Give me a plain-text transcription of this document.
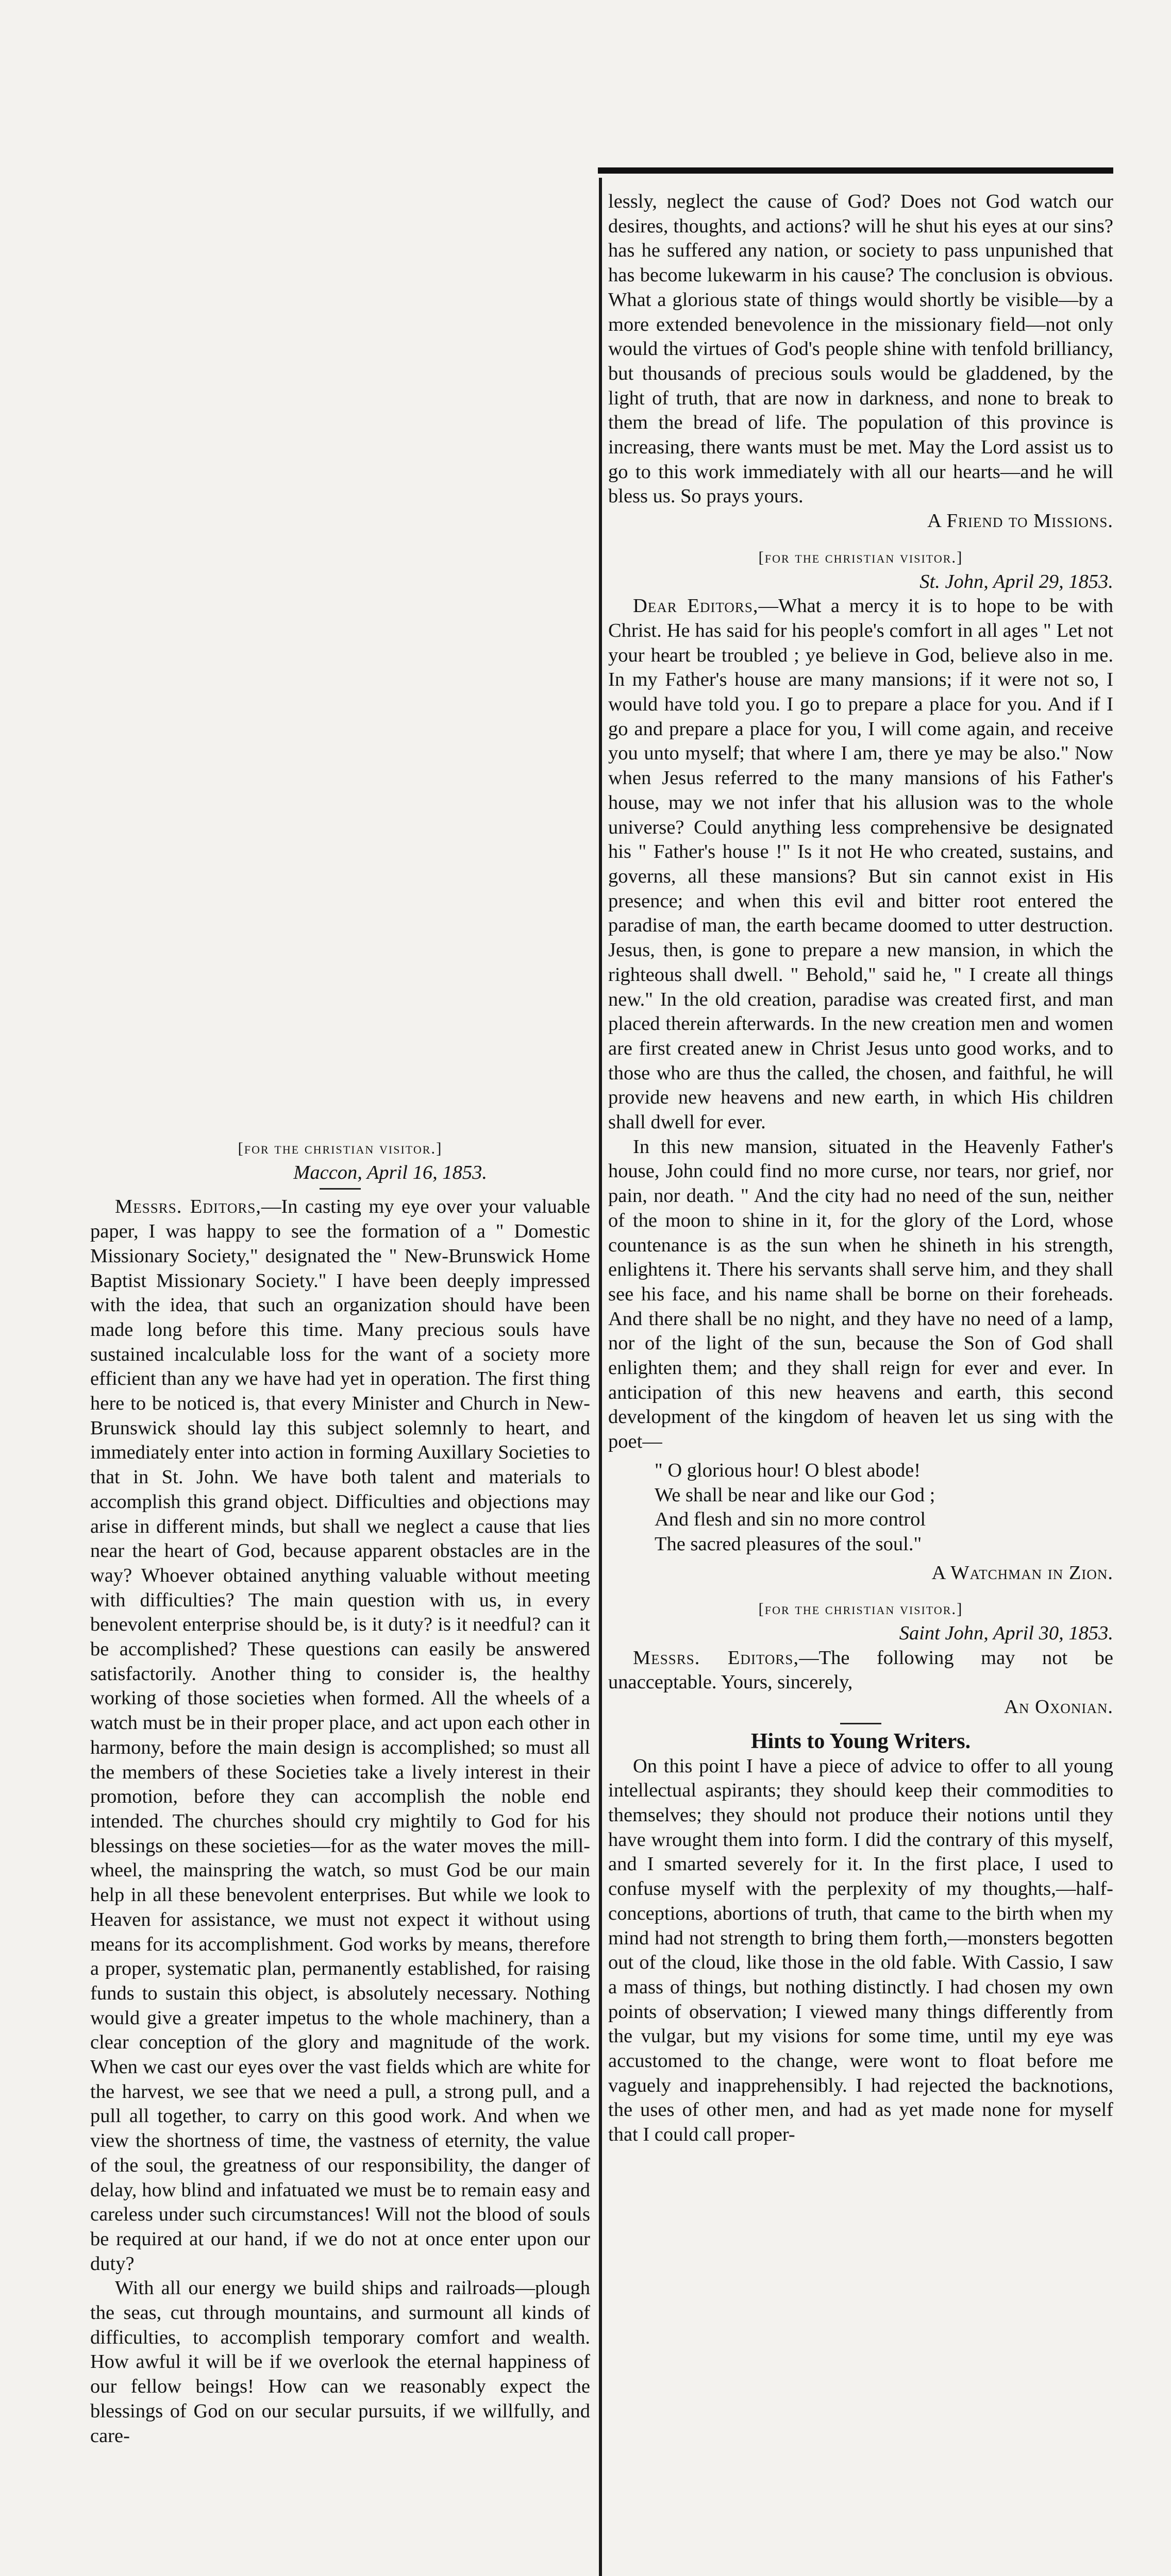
[for the christian visitor.]

Maccon, April 16, 1853.

Messrs. Editors,—In casting my eye over your valuable paper, I was happy to see the formation of a " Domestic Missionary Society," designated the " New-Brunswick Home Baptist Missionary Society." I have been deeply impressed with the idea, that such an organization should have been made long before this time. Many precious souls have sustained incalculable loss for the want of a society more efficient than any we have had yet in operation. The first thing here to be noticed is, that every Minister and Church in New-Brunswick should lay this subject solemnly to heart, and immediately enter into action in forming Auxillary Societies to that in St. John. We have both talent and materials to accomplish this grand object. Difficulties and objections may arise in different minds, but shall we neglect a cause that lies near the heart of God, because apparent obstacles are in the way? Whoever obtained anything valuable without meeting with difficulties? The main question with us, in every benevolent enterprise should be, is it duty? is it needful? can it be accomplished? These questions can easily be answered satisfactorily. Another thing to consider is, the healthy working of those societies when formed. All the wheels of a watch must be in their proper place, and act upon each other in harmony, before the main design is accomplished; so must all the members of these Societies take a lively interest in their promotion, before they can accomplish the noble end intended. The churches should cry mightily to God for his blessings on these societies—for as the water moves the mill-wheel, the mainspring the watch, so must God be our main help in all these benevolent enterprises. But while we look to Heaven for assistance, we must not expect it without using means for its accomplishment. God works by means, therefore a proper, systematic plan, permanently established, for raising funds to sustain this object, is absolutely necessary. Nothing would give a greater impetus to the whole machinery, than a clear conception of the glory and magnitude of the work. When we cast our eyes over the vast fields which are white for the harvest, we see that we need a pull, a strong pull, and a pull all together, to carry on this good work. And when we view the shortness of time, the vastness of eternity, the value of the soul, the greatness of our responsibility, the danger of delay, how blind and infatuated we must be to remain easy and careless under such circumstances! Will not the blood of souls be required at our hand, if we do not at once enter upon our duty?

With all our energy we build ships and railroads—plough the seas, cut through mountains, and surmount all kinds of difficulties, to accomplish temporary comfort and wealth. How awful it will be if we overlook the eternal happiness of our fellow beings! How can we reasonably expect the blessings of God on our secular pursuits, if we willfully, and care-

lessly, neglect the cause of God? Does not God watch our desires, thoughts, and actions? will he shut his eyes at our sins? has he suffered any nation, or society to pass unpunished that has become lukewarm in his cause? The conclusion is obvious. What a glorious state of things would shortly be visible—by a more extended benevolence in the missionary field—not only would the virtues of God's people shine with tenfold brilliancy, but thousands of precious souls would be gladdened, by the light of truth, that are now in darkness, and none to break to them the bread of life. The population of this province is increasing, there wants must be met. May the Lord assist us to go to this work immediately with all our hearts—and he will bless us. So prays yours.

A Friend to Missions.

[for the christian visitor.]

St. John, April 29, 1853.

Dear Editors,—What a mercy it is to hope to be with Christ. He has said for his people's comfort in all ages " Let not your heart be troubled ; ye believe in God, believe also in me. In my Father's house are many mansions; if it were not so, I would have told you. I go to prepare a place for you. And if I go and prepare a place for you, I will come again, and receive you unto myself; that where I am, there ye may be also." Now when Jesus referred to the many mansions of his Father's house, may we not infer that his allusion was to the whole universe? Could anything less comprehensive be designated his " Father's house !" Is it not He who created, sustains, and governs, all these mansions? But sin cannot exist in His presence; and when this evil and bitter root entered the paradise of man, the earth became doomed to utter destruction. Jesus, then, is gone to prepare a new mansion, in which the righteous shall dwell. " Behold," said he, " I create all things new." In the old creation, paradise was created first, and man placed therein afterwards. In the new creation men and women are first created anew in Christ Jesus unto good works, and to those who are thus the called, the chosen, and faithful, he will provide new heavens and new earth, in which His children shall dwell for ever.

In this new mansion, situated in the Heavenly Father's house, John could find no more curse, nor tears, nor grief, nor pain, nor death. " And the city had no need of the sun, neither of the moon to shine in it, for the glory of the Lord, whose countenance is as the sun when he shineth in his strength, enlightens it. There his servants shall serve him, and they shall see his face, and his name shall be borne on their foreheads. And there shall be no night, and they have no need of a lamp, nor of the light of the sun, because the Son of God shall enlighten them; and they shall reign for ever and ever. In anticipation of this new heavens and earth, this second development of the kingdom of heaven let us sing with the poet—

" O glorious hour! O blest abode!
We shall be near and like our God ;
And flesh and sin no more control
The sacred pleasures of the soul."

A Watchman in Zion.

[for the christian visitor.]

Saint John, April 30, 1853.

Messrs. Editors,—The following may not be unacceptable. Yours, sincerely,

An Oxonian.

Hints to Young Writers.

On this point I have a piece of advice to offer to all young intellectual aspirants; they should keep their commodities to themselves; they should not produce their notions until they have wrought them into form. I did the contrary of this myself, and I smarted severely for it. In the first place, I used to confuse myself with the perplexity of my thoughts,—half-conceptions, abortions of truth, that came to the birth when my mind had not strength to bring them forth,—monsters begotten out of the cloud, like those in the old fable. With Cassio, I saw a mass of things, but nothing distinctly. I had chosen my own points of observation; I viewed many things differently from the vulgar, but my visions for some time, until my eye was accustomed to the change, were wont to float before me vaguely and inapprehensibly. I had rejected the backnotions, the uses of other men, and had as yet made none for myself that I could call proper-
